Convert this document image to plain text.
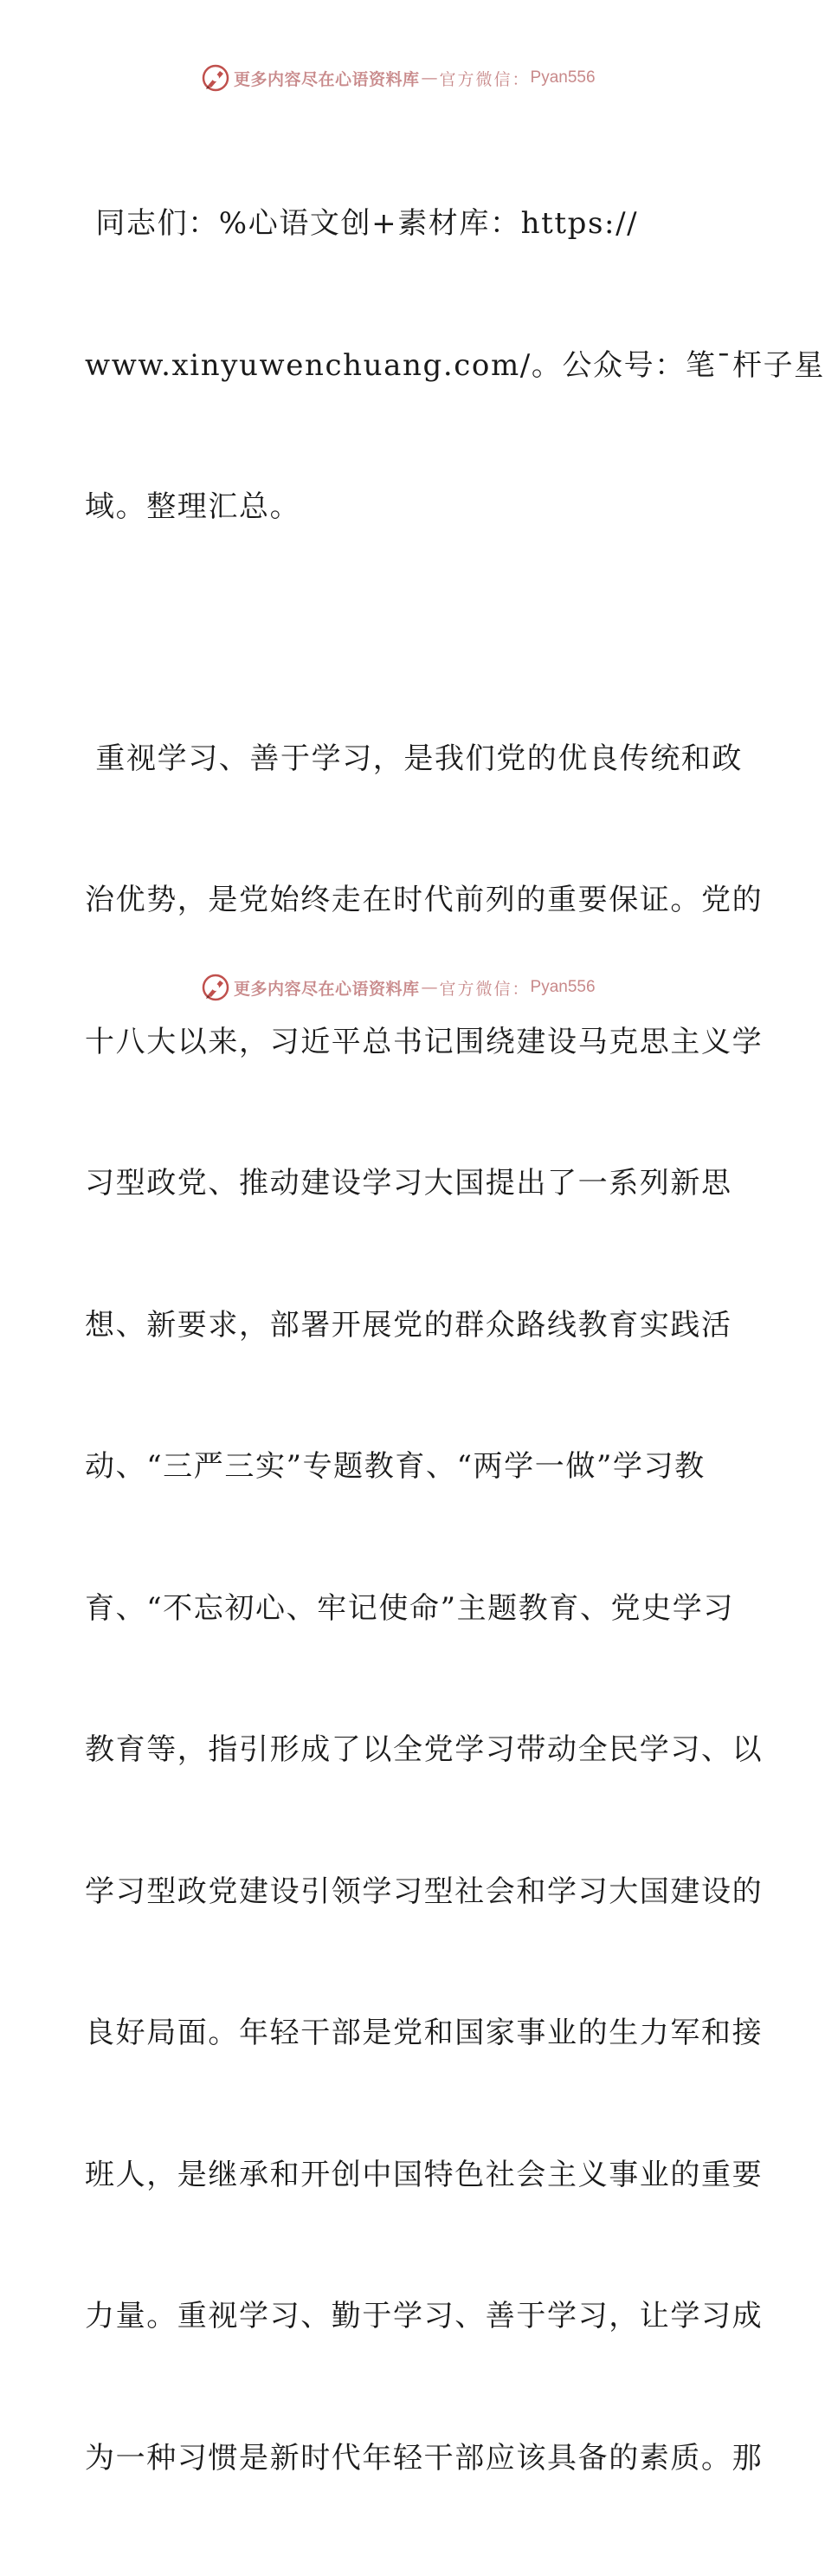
更多内容尽在心语资料库 — 官方微信： Pyan556

同志们：%心语文创+素材库：https://

www.xinyuwenchuang.com/。公众号：笔¯杆子星

域。整理汇总。

重视学习、善于学习，是我们党的优良传统和政

治优势，是党始终走在时代前列的重要保证。党的

十八大以来，习近平总书记围绕建设马克思主义学

习型政党、推动建设学习大国提出了一系列新思

想、新要求，部署开展党的群众路线教育实践活

动、“三严三实”专题教育、“两学一做”学习教

育、“不忘初心、牢记使命”主题教育、党史学习

教育等，指引形成了以全党学习带动全民学习、以

学习型政党建设引领学习型社会和学习大国建设的

良好局面。年轻干部是党和国家事业的生力军和接

班人，是继承和开创中国特色社会主义事业的重要

力量。重视学习、勤于学习、善于学习，让学习成

为一种习惯是新时代年轻干部应该具备的素质。那

更多内容尽在心语资料库 — 官方微信： Pyan556
